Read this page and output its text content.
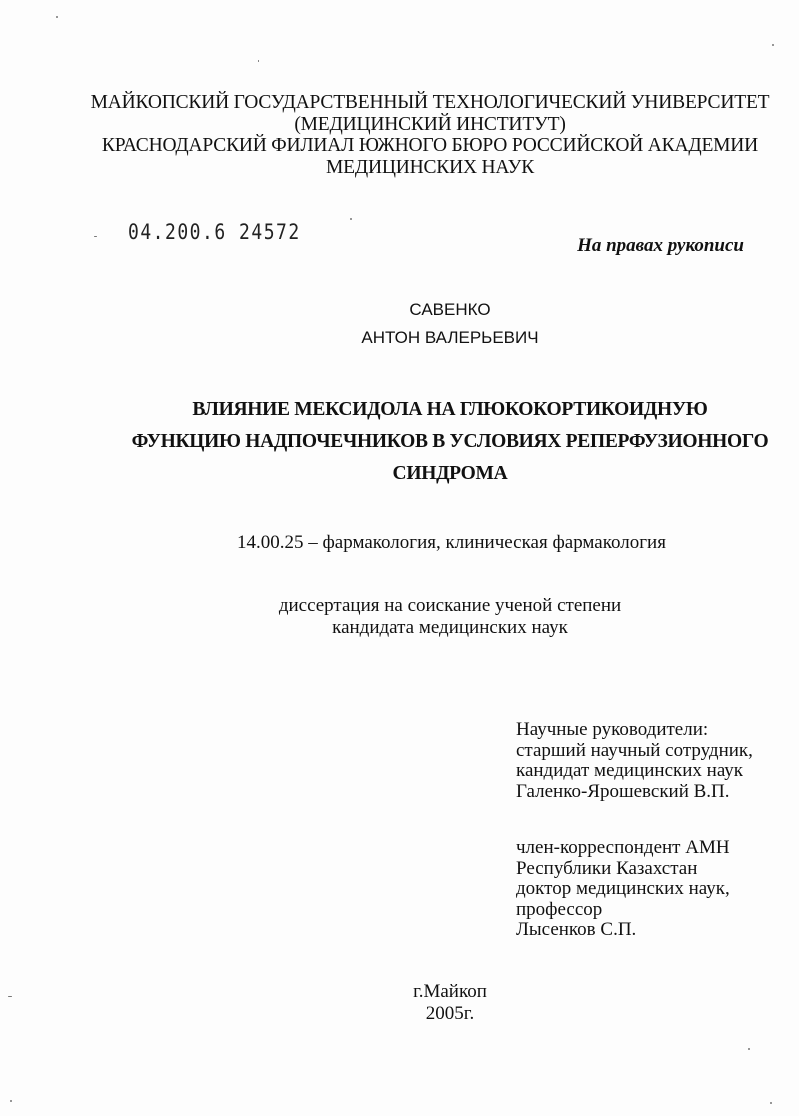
МАЙКОПСКИЙ ГОСУДАРСТВЕННЫЙ ТЕХНОЛОГИЧЕСКИЙ УНИВЕРСИТЕТ
(МЕДИЦИНСКИЙ ИНСТИТУТ)
КРАСНОДАРСКИЙ ФИЛИАЛ ЮЖНОГО БЮРО РОССИЙСКОЙ АКАДЕМИИ
МЕДИЦИНСКИХ НАУК
04.200.6 24572
На правах рукописи
САВЕНКО
АНТОН ВАЛЕРЬЕВИЧ
ВЛИЯНИЕ МЕКСИДОЛА НА ГЛЮКОКОРТИКОИДНУЮ
ФУНКЦИЮ НАДПОЧЕЧНИКОВ В УСЛОВИЯХ РЕПЕРФУЗИОННОГО
СИНДРОМА
14.00.25 – фармакология, клиническая фармакология
диссертация на соискание ученой степени
кандидата медицинских наук
Научные руководители:
старший научный сотрудник,
кандидат медицинских наук
Галенко-Ярошевский В.П.
член-корреспондент АМН
Республики Казахстан
доктор медицинских наук,
профессор
Лысенков С.П.
г.Майкоп
2005г.
